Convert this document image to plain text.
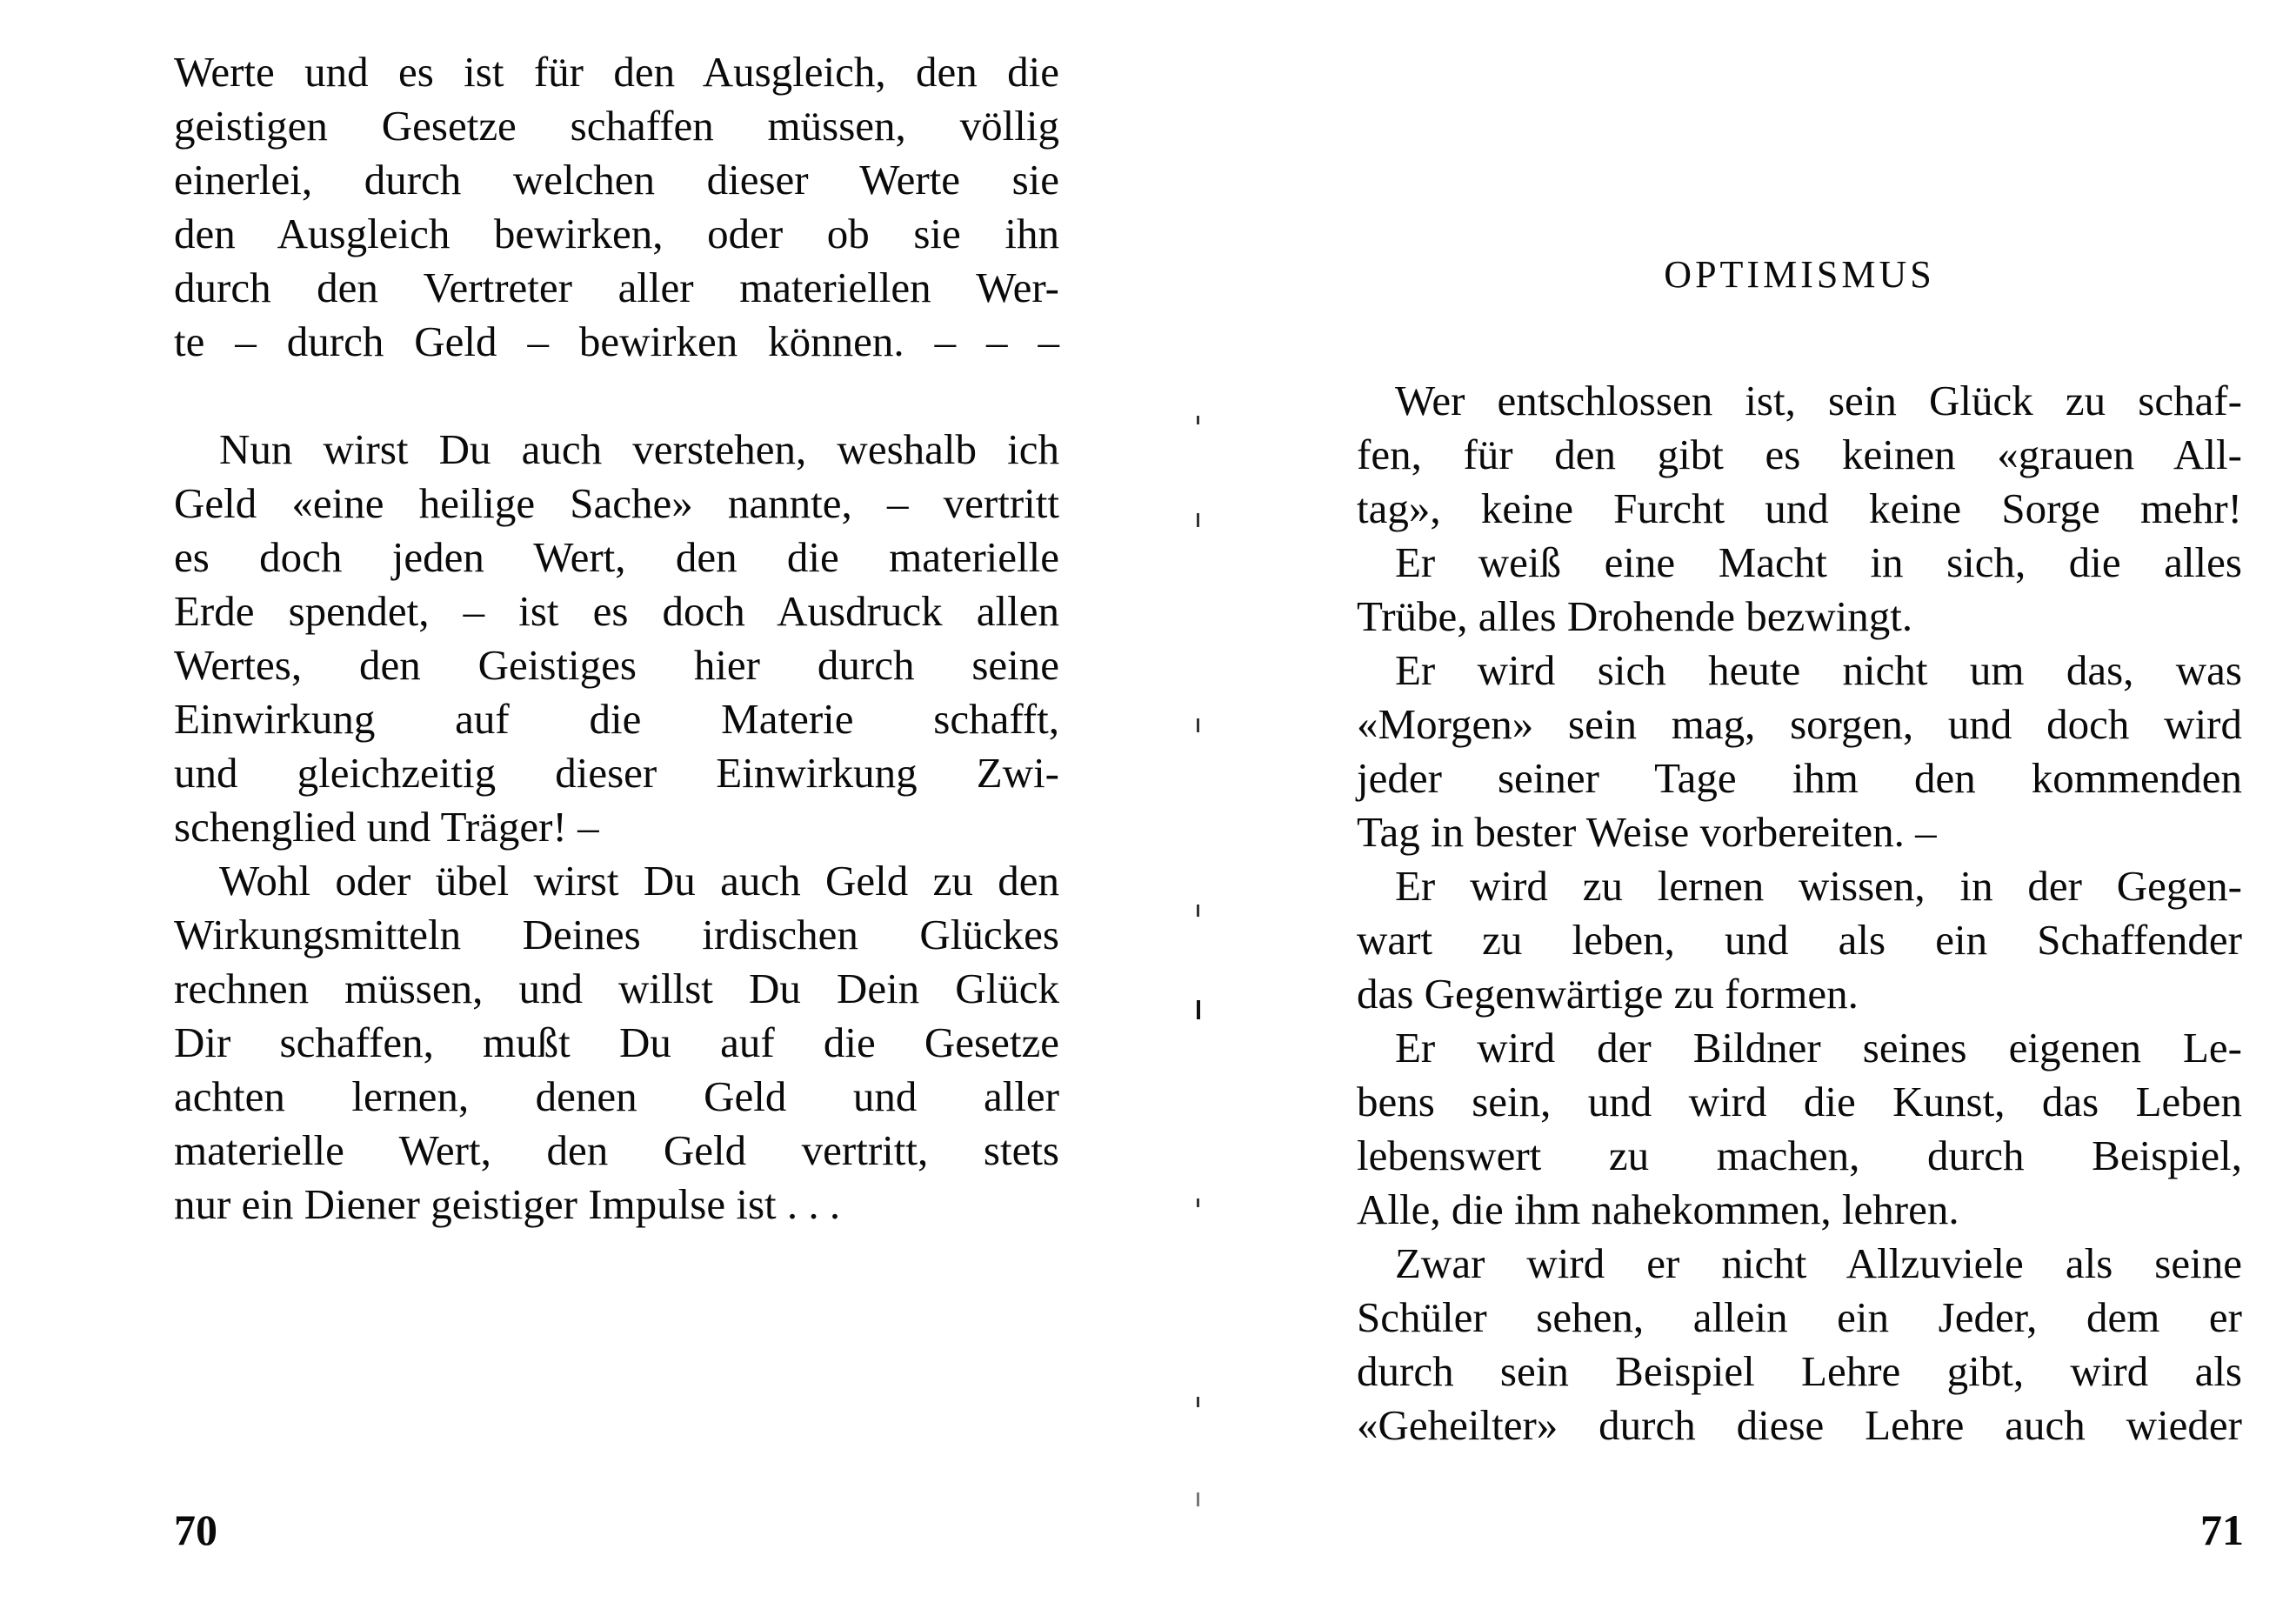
Werte und es ist für den Ausgleich, den die
geistigen Gesetze schaffen müssen, völlig
einerlei, durch welchen dieser Werte sie
den Ausgleich bewirken, oder ob sie ihn
durch den Vertreter aller materiellen Wer-
te – durch Geld – bewirken können. – – –
Nun wirst Du auch verstehen, weshalb ich
Geld «eine heilige Sache» nannte, – vertritt
es doch jeden Wert, den die materielle
Erde spendet, – ist es doch Ausdruck allen
Wertes, den Geistiges hier durch seine
Einwirkung auf die Materie schafft,
und gleichzeitig dieser Einwirkung Zwi-
schenglied und Träger! –
Wohl oder übel wirst Du auch Geld zu den
Wirkungsmitteln Deines irdischen Glückes
rechnen müssen, und willst Du Dein Glück
Dir schaffen, mußt Du auf die Gesetze
achten lernen, denen Geld und aller
materielle Wert, den Geld vertritt, stets
nur ein Diener geistiger Impulse ist . . .
70
OPTIMISMUS
Wer entschlossen ist, sein Glück zu schaf-
fen, für den gibt es keinen «grauen All-
tag», keine Furcht und keine Sorge mehr!
Er weiß eine Macht in sich, die alles
Trübe, alles Drohende bezwingt.
Er wird sich heute nicht um das, was
«Morgen» sein mag, sorgen, und doch wird
jeder seiner Tage ihm den kommenden
Tag in bester Weise vorbereiten. –
Er wird zu lernen wissen, in der Gegen-
wart zu leben, und als ein Schaffender
das Gegenwärtige zu formen.
Er wird der Bildner seines eigenen Le-
bens sein, und wird die Kunst, das Leben
lebenswert zu machen, durch Beispiel,
Alle, die ihm nahekommen, lehren.
Zwar wird er nicht Allzuviele als seine
Schüler sehen, allein ein Jeder, dem er
durch sein Beispiel Lehre gibt, wird als
«Geheilter» durch diese Lehre auch wieder
71
